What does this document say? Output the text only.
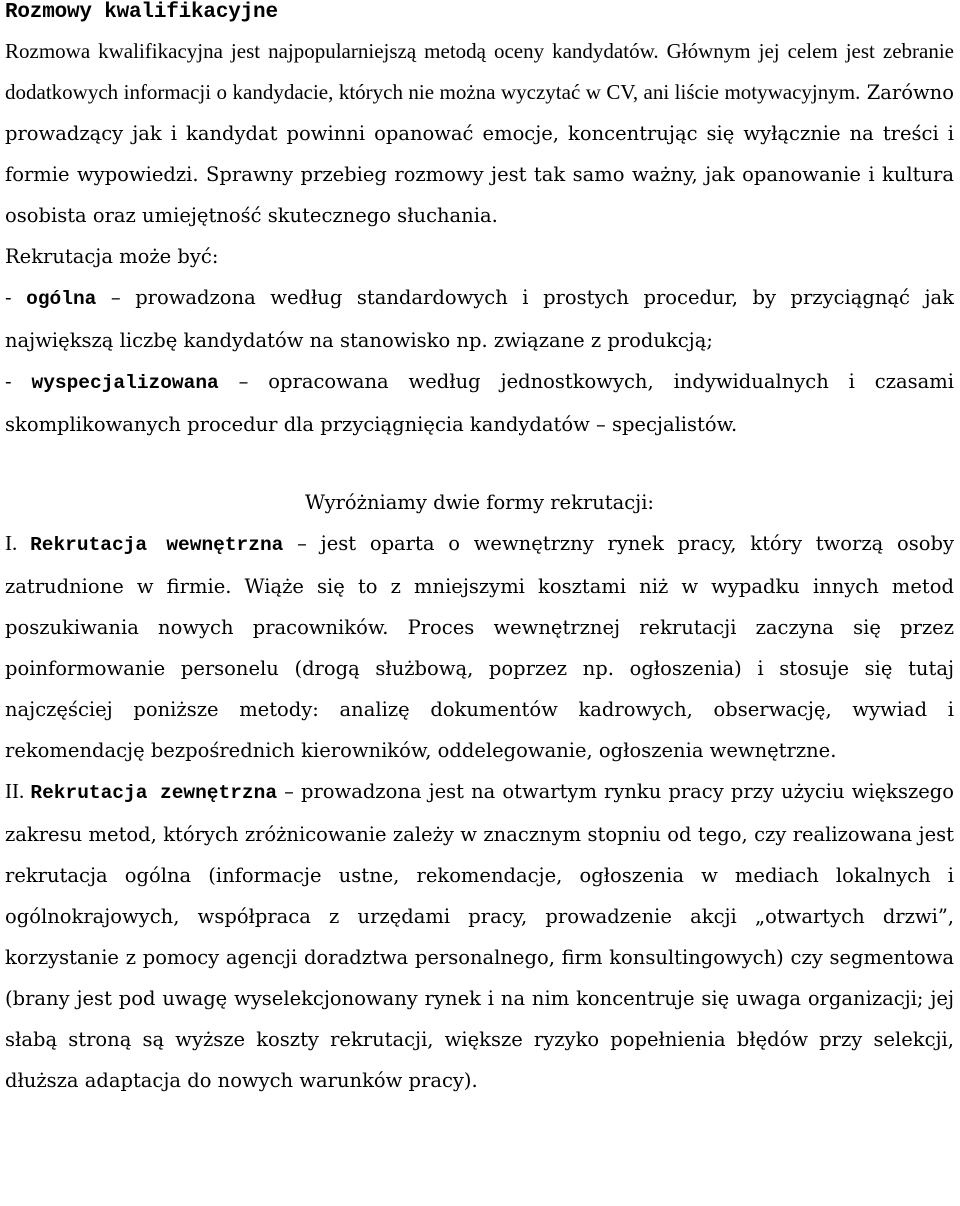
Rozmowy kwalifikacyjne

Rozmowa kwalifikacyjna jest najpopularniejszą metodą oceny kandydatów. Głównym jej celem jest zebranie dodatkowych informacji o kandydacie, których nie można wyczytać w CV, ani liście motywacyjnym. Zarówno prowadzący jak i kandydat powinni opanować emocje, koncentrując się wyłącznie na treści i formie wypowiedzi. Sprawny przebieg rozmowy jest tak samo ważny, jak opanowanie i kultura osobista oraz umiejętność skutecznego słuchania.

Rekrutacja może być:

- ogólna – prowadzona według standardowych i prostych procedur, by przyciągnąć jak największą liczbę kandydatów na stanowisko np. związane z produkcją;

- wyspecjalizowana – opracowana według jednostkowych, indywidualnych i czasami skomplikowanych procedur dla przyciągnięcia kandydatów – specjalistów.

Wyróżniamy dwie formy rekrutacji:

I. Rekrutacja wewnętrzna – jest oparta o wewnętrzny rynek pracy, który tworzą osoby zatrudnione w firmie. Wiąże się to z mniejszymi kosztami niż w wypadku innych metod poszukiwania nowych pracowników. Proces wewnętrznej rekrutacji zaczyna się przez poinformowanie personelu (drogą służbową, poprzez np. ogłoszenia) i stosuje się tutaj najczęściej poniższe metody: analizę dokumentów kadrowych, obserwację, wywiad i rekomendację bezpośrednich kierowników, oddelegowanie, ogłoszenia wewnętrzne.

II. Rekrutacja zewnętrzna – prowadzona jest na otwartym rynku pracy przy użyciu większego zakresu metod, których zróżnicowanie zależy w znacznym stopniu od tego, czy realizowana jest rekrutacja ogólna (informacje ustne, rekomendacje, ogłoszenia w mediach lokalnych i ogólnokrajowych, współpraca z urzędami pracy, prowadzenie akcji „otwartych drzwi”, korzystanie z pomocy agencji doradztwa personalnego, firm konsultingowych) czy segmentowa (brany jest pod uwagę wyselekcjonowany rynek i na nim koncentruje się uwaga organizacji; jej słabą stroną są wyższe koszty rekrutacji, większe ryzyko popełnienia błędów przy selekcji, dłuższa adaptacja do nowych warunków pracy).
